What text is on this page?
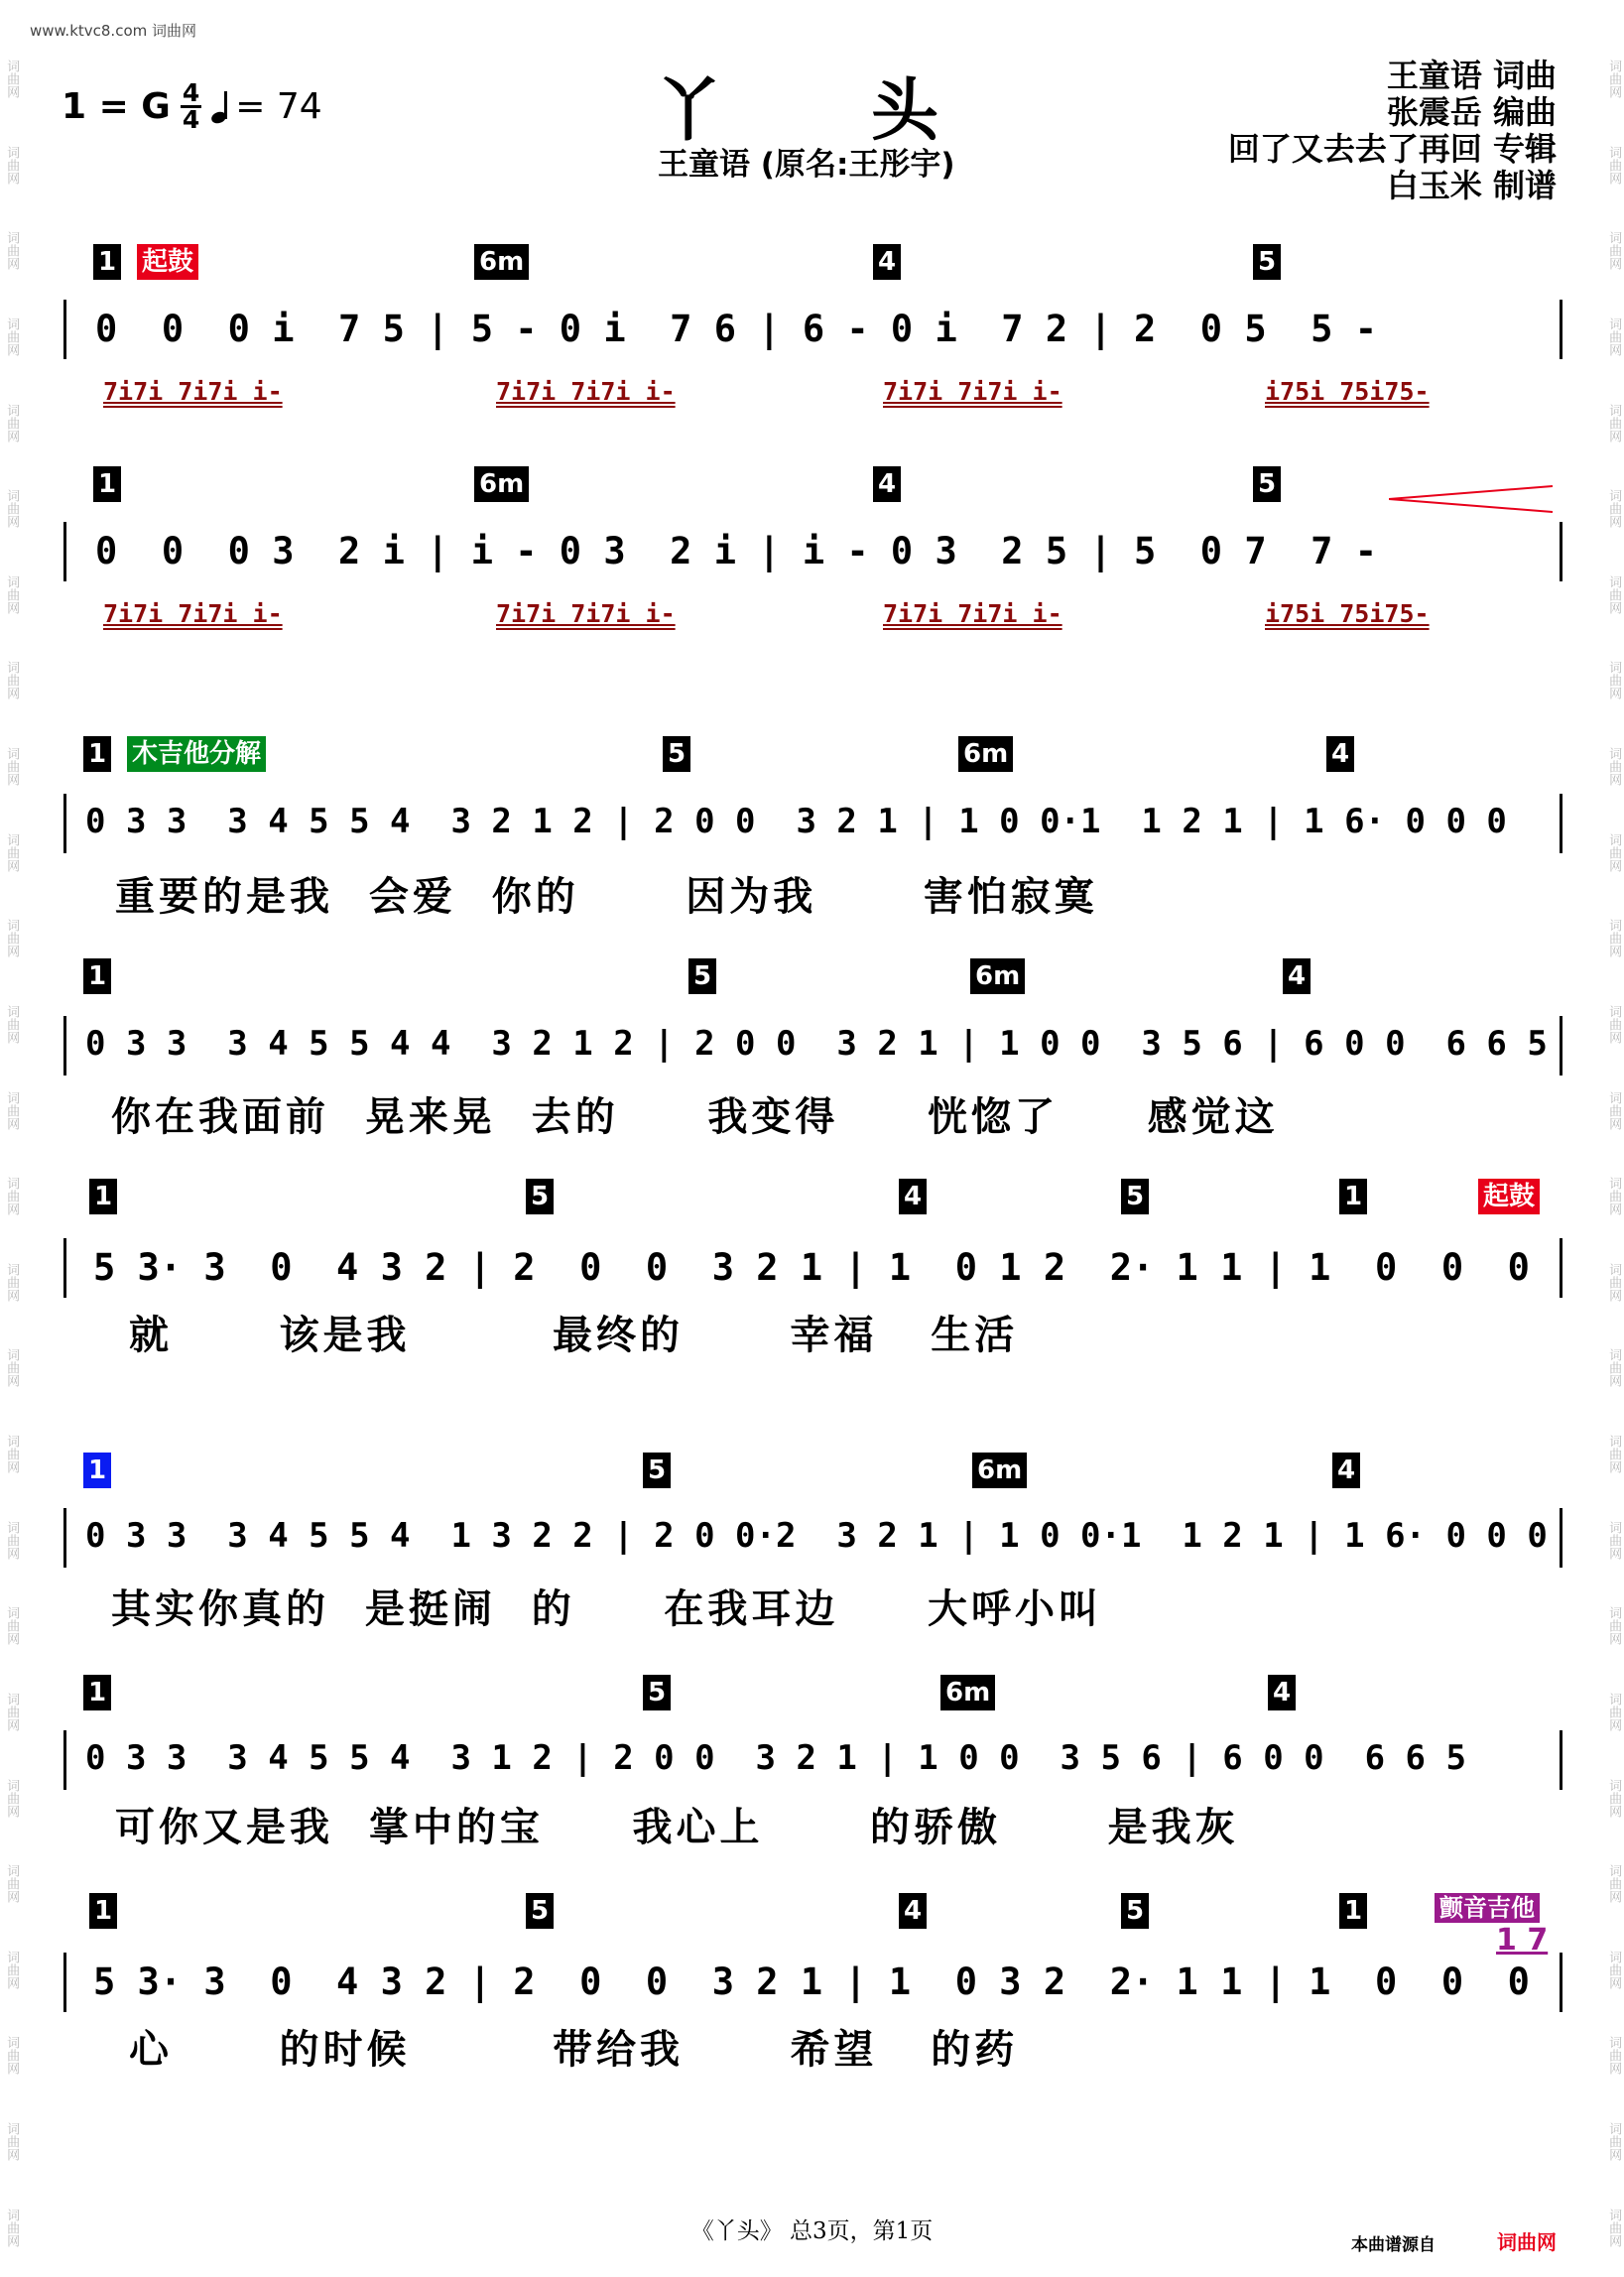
www.ktvc8.com 词曲网
词曲网
词曲网
词曲网
词曲网
词曲网
词曲网
词曲网
词曲网
词曲网
词曲网
词曲网
词曲网
词曲网
词曲网
词曲网
词曲网
词曲网
词曲网
词曲网
词曲网
词曲网
词曲网
词曲网
词曲网
词曲网
词曲网
词曲网
词曲网
词曲网
词曲网
词曲网
词曲网
词曲网
词曲网
词曲网
词曲网
词曲网
词曲网
词曲网
词曲网
词曲网
词曲网
词曲网
词曲网
词曲网
词曲网
词曲网
词曲网
词曲网
词曲网
词曲网
词曲网
1 = G $\frac{4}{4} = 74$	丫头
王童语 (原名:王彤宇)
王童语 词曲
张震岳 编曲
回了又去去了再回 专辑
白玉米 制谱
1 起鼓	6m	4	5
0  0  0 i  7 5 | 5 - 0 i  7 6 | 6 - 0 i  7 2 | 2  0 5  5 -
7i7i 7i7i i-	7i7i 7i7i i-	7i7i 7i7i i-	i75i 75i75-
1	6m	4	5
0  0  0 3  2 i | i - 0 3  2 i | i - 0 3  2 5 | 5  0 7  7 -
7i7i 7i7i i-	7i7i 7i7i i-	7i7i 7i7i i-	i75i 75i75-
1 木吉他分解	5	6m	4
0 3 3  3 4 5 5 4  3 2 1 2 | 2 0 0  3 2 1 | 1 0 0·1  1 2 1 | 1 6· 0 0 0
重要的是我  会爱  你的      因为我      害怕寂寞
1	5	6m	4
0 3 3  3 4 5 5 4 4  3 2 1 2 | 2 0 0  3 2 1 | 1 0 0  3 5 6 | 6 0 0  6 6 5
你在我面前  晃来晃  去的     我变得     恍惚了     感觉这
1	5	4	5	1	起鼓
5 3· 3  0  4 3 2 | 2  0  0  3 2 1 | 1  0 1 2  2· 1 1 | 1  0  0  0
就      该是我        最终的      幸福   生活
1	5	6m	4
0 3 3  3 4 5 5 4  1 3 2 2 | 2 0 0·2  3 2 1 | 1 0 0·1  1 2 1 | 1 6· 0 0 0
其实你真的  是挺闹  的     在我耳边     大呼小叫
1	5	6m	4
0 3 3  3 4 5 5 4  3 1 2 | 2 0 0  3 2 1 | 1 0 0  3 5 6 | 6 0 0  6 6 5
可你又是我  掌中的宝     我心上      的骄傲      是我灰
1	5	4	5	1	颤音吉他
1 7
5 3· 3  0  4 3 2 | 2  0  0  3 2 1 | 1  0 3 2  2· 1 1 | 1  0  0  0
心      的时候        带给我      希望   的药
《丫头》 总3页，第1页
本曲谱源自	词曲网
